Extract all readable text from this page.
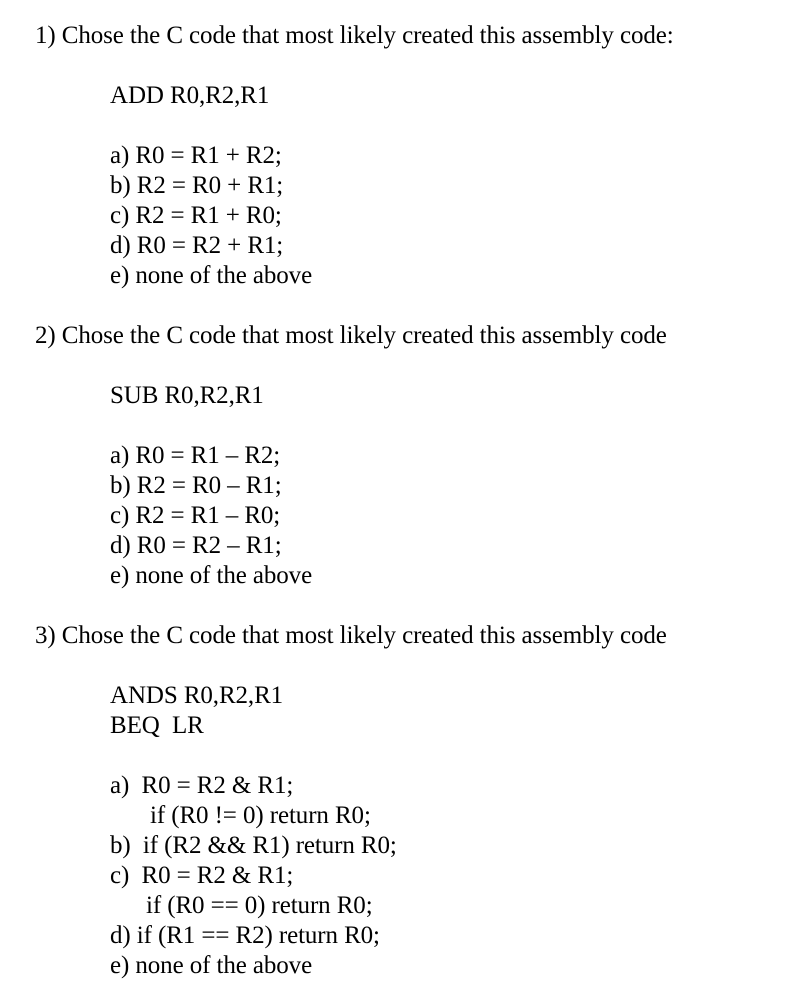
1) Chose the C code that most likely created this assembly code:
ADD R0,R2,R1
a) R0 = R1 + R2;
b) R2 = R0 + R1;
c) R2 = R1 + R0;
d) R0 = R2 + R1;
e) none of the above
2) Chose the C code that most likely created this assembly code
SUB R0,R2,R1
a) R0 = R1 – R2;
b) R2 = R0 – R1;
c) R2 = R1 – R0;
d) R0 = R2 – R1;
e) none of the above
3) Chose the C code that most likely created this assembly code
ANDS R0,R2,R1
BEQ  LR
a)  R0 = R2 & R1;
if (R0 != 0) return R0;
b)  if (R2 && R1) return R0;
c)  R0 = R2 & R1;
if (R0 == 0) return R0;
d) if (R1 == R2) return R0;
e) none of the above
